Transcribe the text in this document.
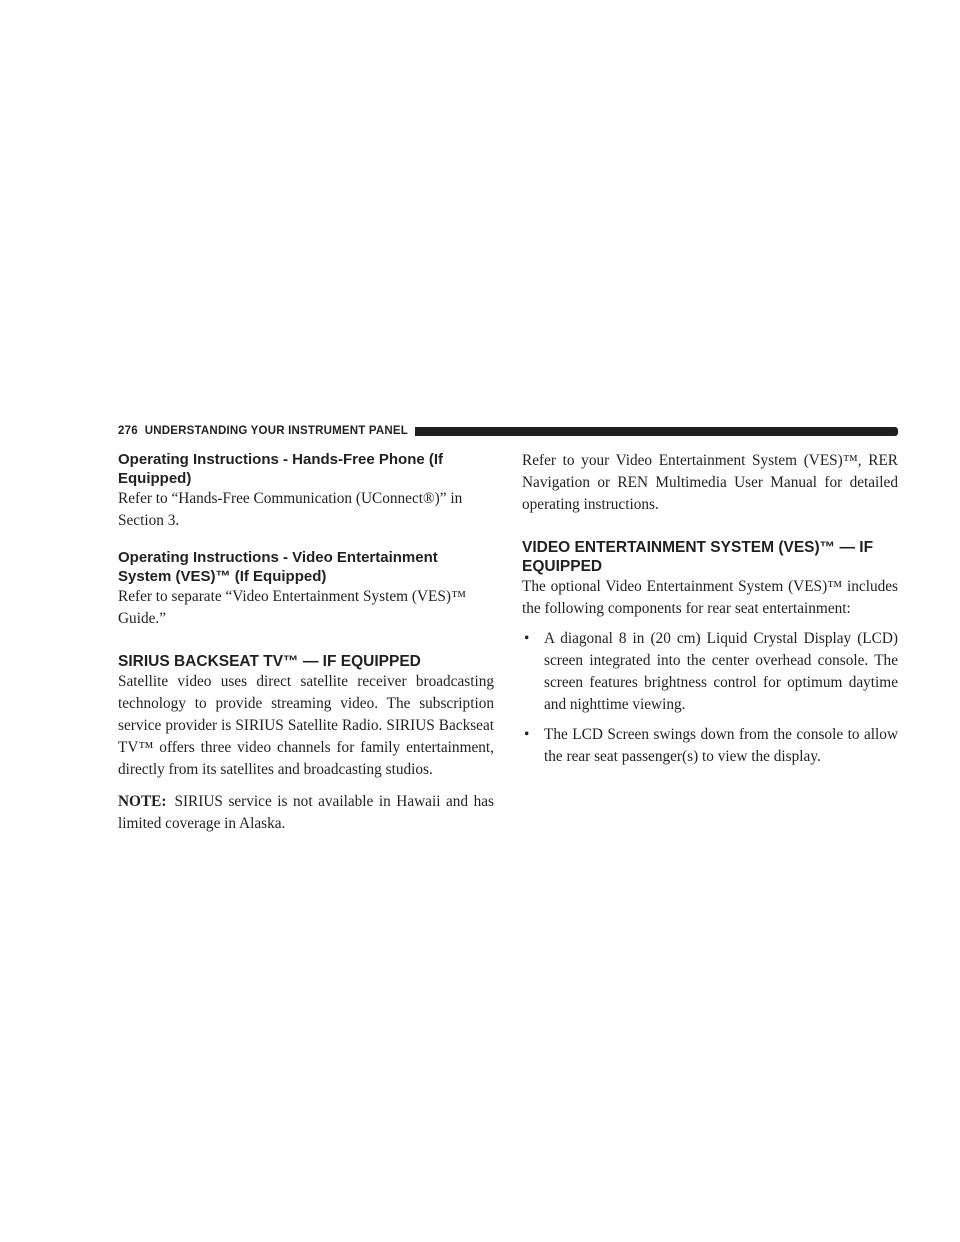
276 UNDERSTANDING YOUR INSTRUMENT PANEL
Operating Instructions - Hands-Free Phone (If Equipped)

Refer to “Hands-Free Communication (UConnect®)” in Section 3.

Operating Instructions - Video Entertainment System (VES)™ (If Equipped)

Refer to separate “Video Entertainment System (VES)™ Guide.”

SIRIUS BACKSEAT TV™ — IF EQUIPPED

Satellite video uses direct satellite receiver broadcasting technology to provide streaming video. The subscription service provider is SIRIUS Satellite Radio. SIRIUS Backseat TV™ offers three video channels for family entertainment, directly from its satellites and broadcasting studios.

NOTE: SIRIUS service is not available in Hawaii and has limited coverage in Alaska.

Refer to your Video Entertainment System (VES)™, RER Navigation or REN Multimedia User Manual for detailed operating instructions.

VIDEO ENTERTAINMENT SYSTEM (VES)™ — IF EQUIPPED

The optional Video Entertainment System (VES)™ includes the following components for rear seat entertainment:

• A diagonal 8 in (20 cm) Liquid Crystal Display (LCD) screen integrated into the center overhead console. The screen features brightness control for optimum daytime and nighttime viewing.
• The LCD Screen swings down from the console to allow the rear seat passenger(s) to view the display.
